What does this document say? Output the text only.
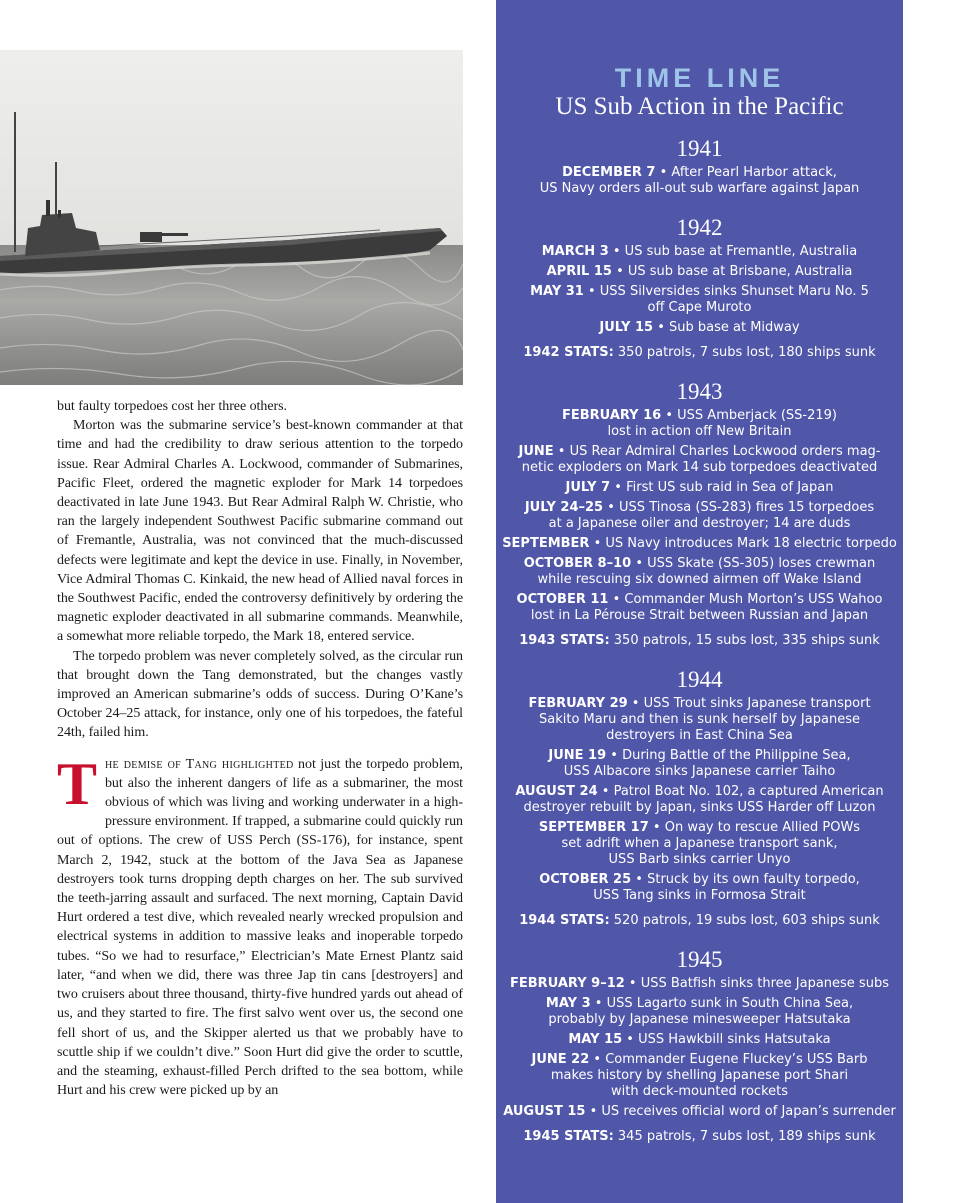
but faulty torpedoes cost her three others.

Morton was the submarine service’s best-known commander at that time and had the credibility to draw serious attention to the torpedo issue. Rear Admiral Charles A. Lockwood, commander of Submarines, Pacific Fleet, ordered the magnetic exploder for Mark 14 torpedoes deactivated in late June 1943. But Rear Admiral Ralph W. Christie, who ran the largely independent Southwest Pacific submarine command out of Fremantle, Australia, was not convinced that the much-discussed defects were legitimate and kept the device in use. Finally, in November, Vice Admiral Thomas C. Kinkaid, the new head of Allied naval forces in the Southwest Pacific, ended the controversy definitively by ordering the magnetic exploder deactivated in all submarine commands. Meanwhile, a somewhat more reliable torpedo, the Mark 18, entered service.

The torpedo problem was never completely solved, as the circular run that brought down the Tang demonstrated, but the changes vastly improved an American submarine’s odds of success. During O’Kane’s October 24–25 attack, for instance, only one of his torpedoes, the fateful 24th, failed him.

T he demise of Tang highlighted not just the torpedo problem, but also the inherent dangers of life as a submariner, the most obvious of which was living and working underwater in a high-pressure environment. If trapped, a submarine could quickly run out of options. The crew of USS Perch (SS-176), for instance, spent March 2, 1942, stuck at the bottom of the Java Sea as Japanese destroyers took turns dropping depth charges on her. The sub survived the teeth-jarring assault and surfaced. The next morning, Captain David Hurt ordered a test dive, which revealed nearly wrecked propulsion and electrical systems in addition to massive leaks and inoperable torpedo tubes. “So we had to resurface,” Electrician’s Mate Ernest Plantz said later, “and when we did, there was three Jap tin cans [destroyers] and two cruisers about three thousand, thirty-five hundred yards out ahead of us, and they started to fire. The first salvo went over us, the second one fell short of us, and the Skipper alerted us that we probably have to scuttle ship if we couldn’t dive.” Soon Hurt did give the order to scuttle, and the steaming, exhaust-filled Perch drifted to the sea bottom, while Hurt and his crew were picked up by an

TIME LINE
US Sub Action in the Pacific
1941
DECEMBER 7 • After Pearl Harbor attack,
US Navy orders all-out sub warfare against Japan
1942
MARCH 3 • US sub base at Fremantle, Australia
APRIL 15 • US sub base at Brisbane, Australia
MAY 31 • USS Silversides sinks Shunset Maru No. 5
off Cape Muroto
JULY 15 • Sub base at Midway
1942 STATS: 350 patrols, 7 subs lost, 180 ships sunk
1943
FEBRUARY 16 • USS Amberjack (SS-219)
lost in action off New Britain
JUNE • US Rear Admiral Charles Lockwood orders mag-
netic exploders on Mark 14 sub torpedoes deactivated
JULY 7 • First US sub raid in Sea of Japan
JULY 24–25 • USS Tinosa (SS-283) fires 15 torpedoes
at a Japanese oiler and destroyer; 14 are duds
SEPTEMBER • US Navy introduces Mark 18 electric torpedo
OCTOBER 8–10 • USS Skate (SS-305) loses crewman
while rescuing six downed airmen off Wake Island
OCTOBER 11 • Commander Mush Morton’s USS Wahoo
lost in La Pérouse Strait between Russian and Japan
1943 STATS: 350 patrols, 15 subs lost, 335 ships sunk
1944
FEBRUARY 29 • USS Trout sinks Japanese transport
Sakito Maru and then is sunk herself by Japanese
destroyers in East China Sea
JUNE 19 • During Battle of the Philippine Sea,
USS Albacore sinks Japanese carrier Taiho
AUGUST 24 • Patrol Boat No. 102, a captured American
destroyer rebuilt by Japan, sinks USS Harder off Luzon
SEPTEMBER 17 • On way to rescue Allied POWs
set adrift when a Japanese transport sank,
USS Barb sinks carrier Unyo
OCTOBER 25 • Struck by its own faulty torpedo,
USS Tang sinks in Formosa Strait
1944 STATS: 520 patrols, 19 subs lost, 603 ships sunk
1945
FEBRUARY 9–12 • USS Batfish sinks three Japanese subs
MAY 3 • USS Lagarto sunk in South China Sea,
probably by Japanese minesweeper Hatsutaka
MAY 15 • USS Hawkbill sinks Hatsutaka
JUNE 22 • Commander Eugene Fluckey’s USS Barb
makes history by shelling Japanese port Shari
with deck-mounted rockets
AUGUST 15 • US receives official word of Japan’s surrender
1945 STATS: 345 patrols, 7 subs lost, 189 ships sunk
